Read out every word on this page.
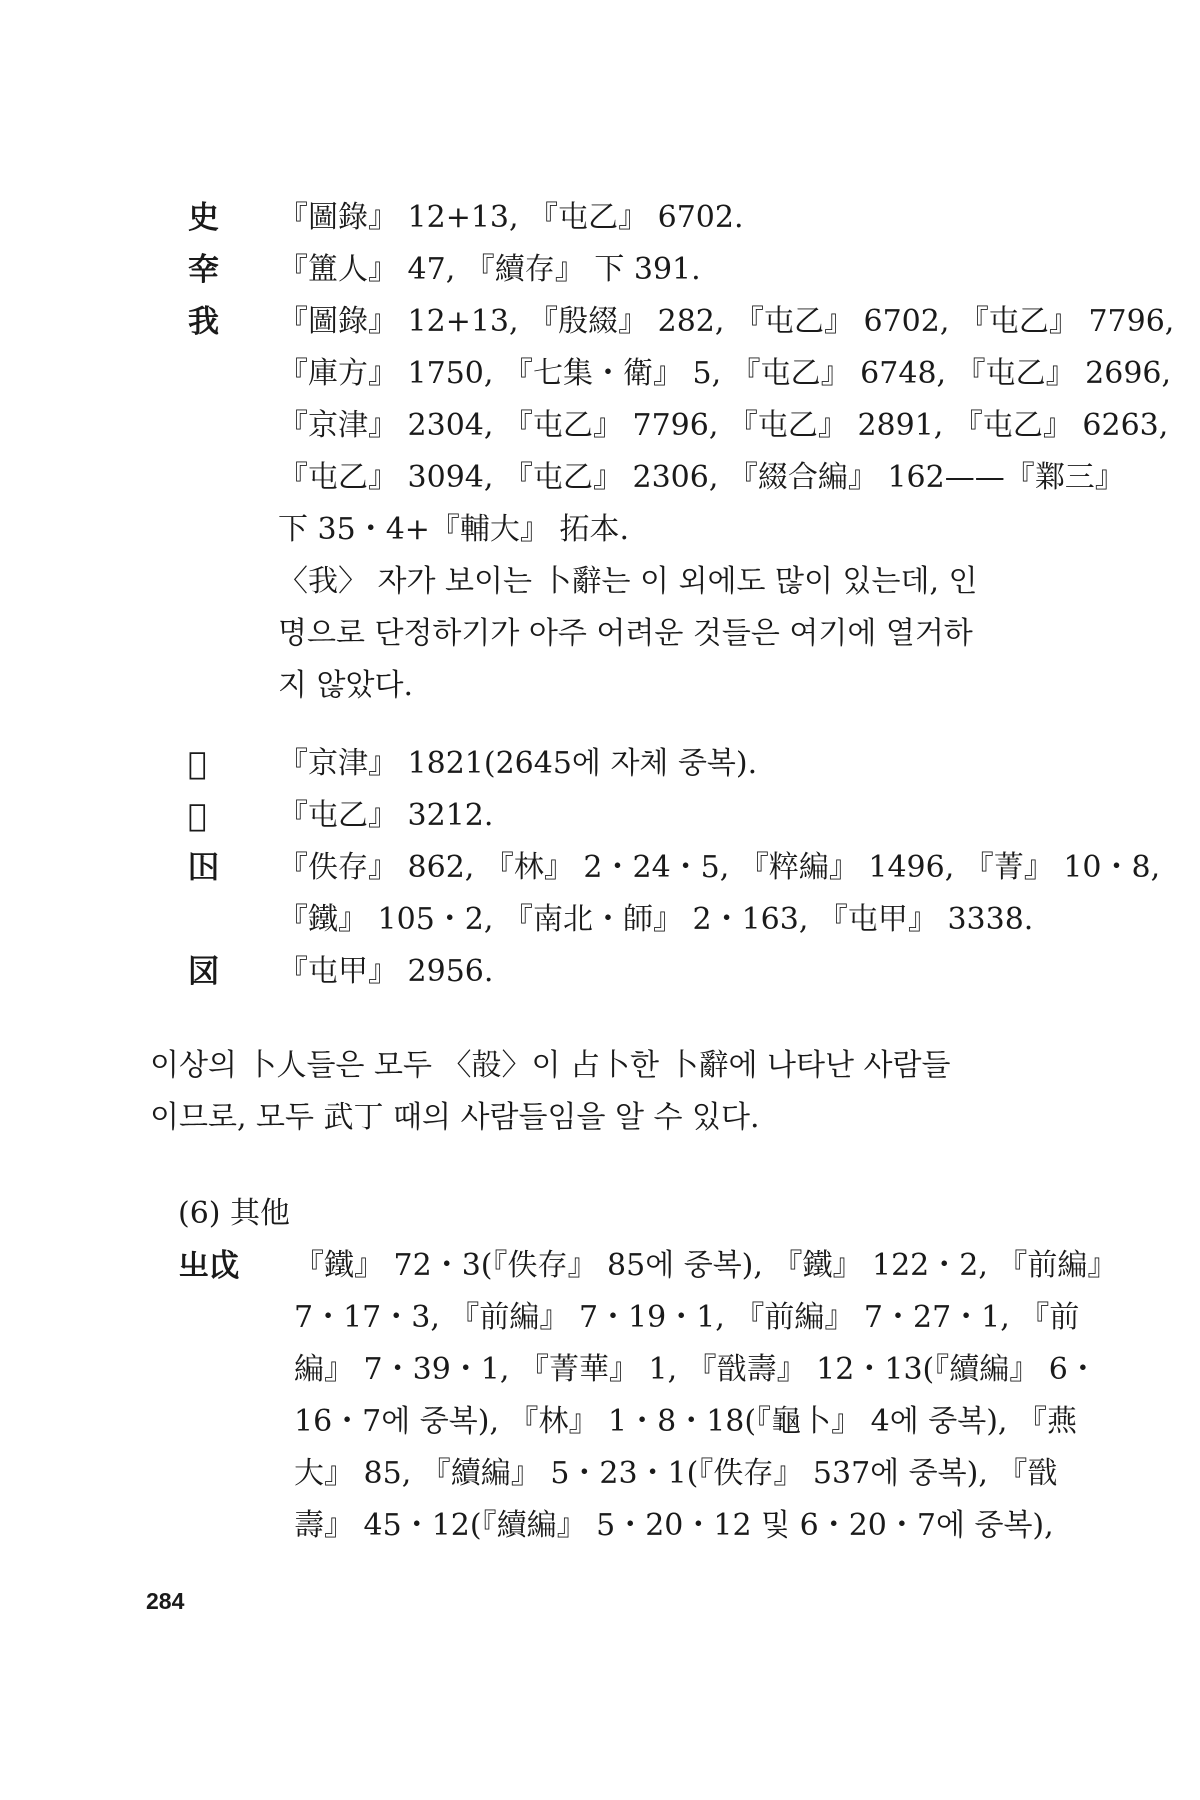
史 『圖錄』 12+13, 『屯乙』 6702.
㚔 『簠人』 47, 『續存』 下 391.
我 『圖錄』 12+13, 『殷綴』 282, 『屯乙』 6702, 『屯乙』 7796,
『庫方』 1750, 『七集・衛』 5, 『屯乙』 6748, 『屯乙』 2696,
『京津』 2304, 『屯乙』 7796, 『屯乙』 2891, 『屯乙』 6263,
『屯乙』 3094, 『屯乙』 2306, 『綴合編』 162——『鄴三』
下 35・4+『輔大』 拓本.
〈我〉 자가 보이는 卜辭는 이 외에도 많이 있는데, 인
명으로 단정하기가 아주 어려운 것들은 여기에 열거하
지 않았다.
𤕫 『京津』 1821(2645에 자체 중복).
𠀄 『屯乙』 3212.
𡆥 『佚存』 862, 『林』 2・24・5, 『粹編』 1496, 『菁』 10・8,
『鐵』 105・2, 『南北・師』 2・163, 『屯甲』 3338.
㘝 『屯甲』 2956.
이상의 卜人들은 모두 〈㱿〉이 占卜한 卜辭에 나타난 사람들
이므로, 모두 武丁 때의 사람들임을 알 수 있다.
(6) 其他
㞢戉 『鐵』 72・3(『佚存』 85에 중복), 『鐵』 122・2, 『前編』
7・17・3, 『前編』 7・19・1, 『前編』 7・27・1, 『前
編』 7・39・1, 『菁華』 1, 『戩壽』 12・13(『續編』 6・
16・7에 중복), 『林』 1・8・18(『龜卜』 4에 중복), 『燕
大』 85, 『續編』 5・23・1(『佚存』 537에 중복), 『戩
壽』 45・12(『續編』 5・20・12 및 6・20・7에 중복),
284
